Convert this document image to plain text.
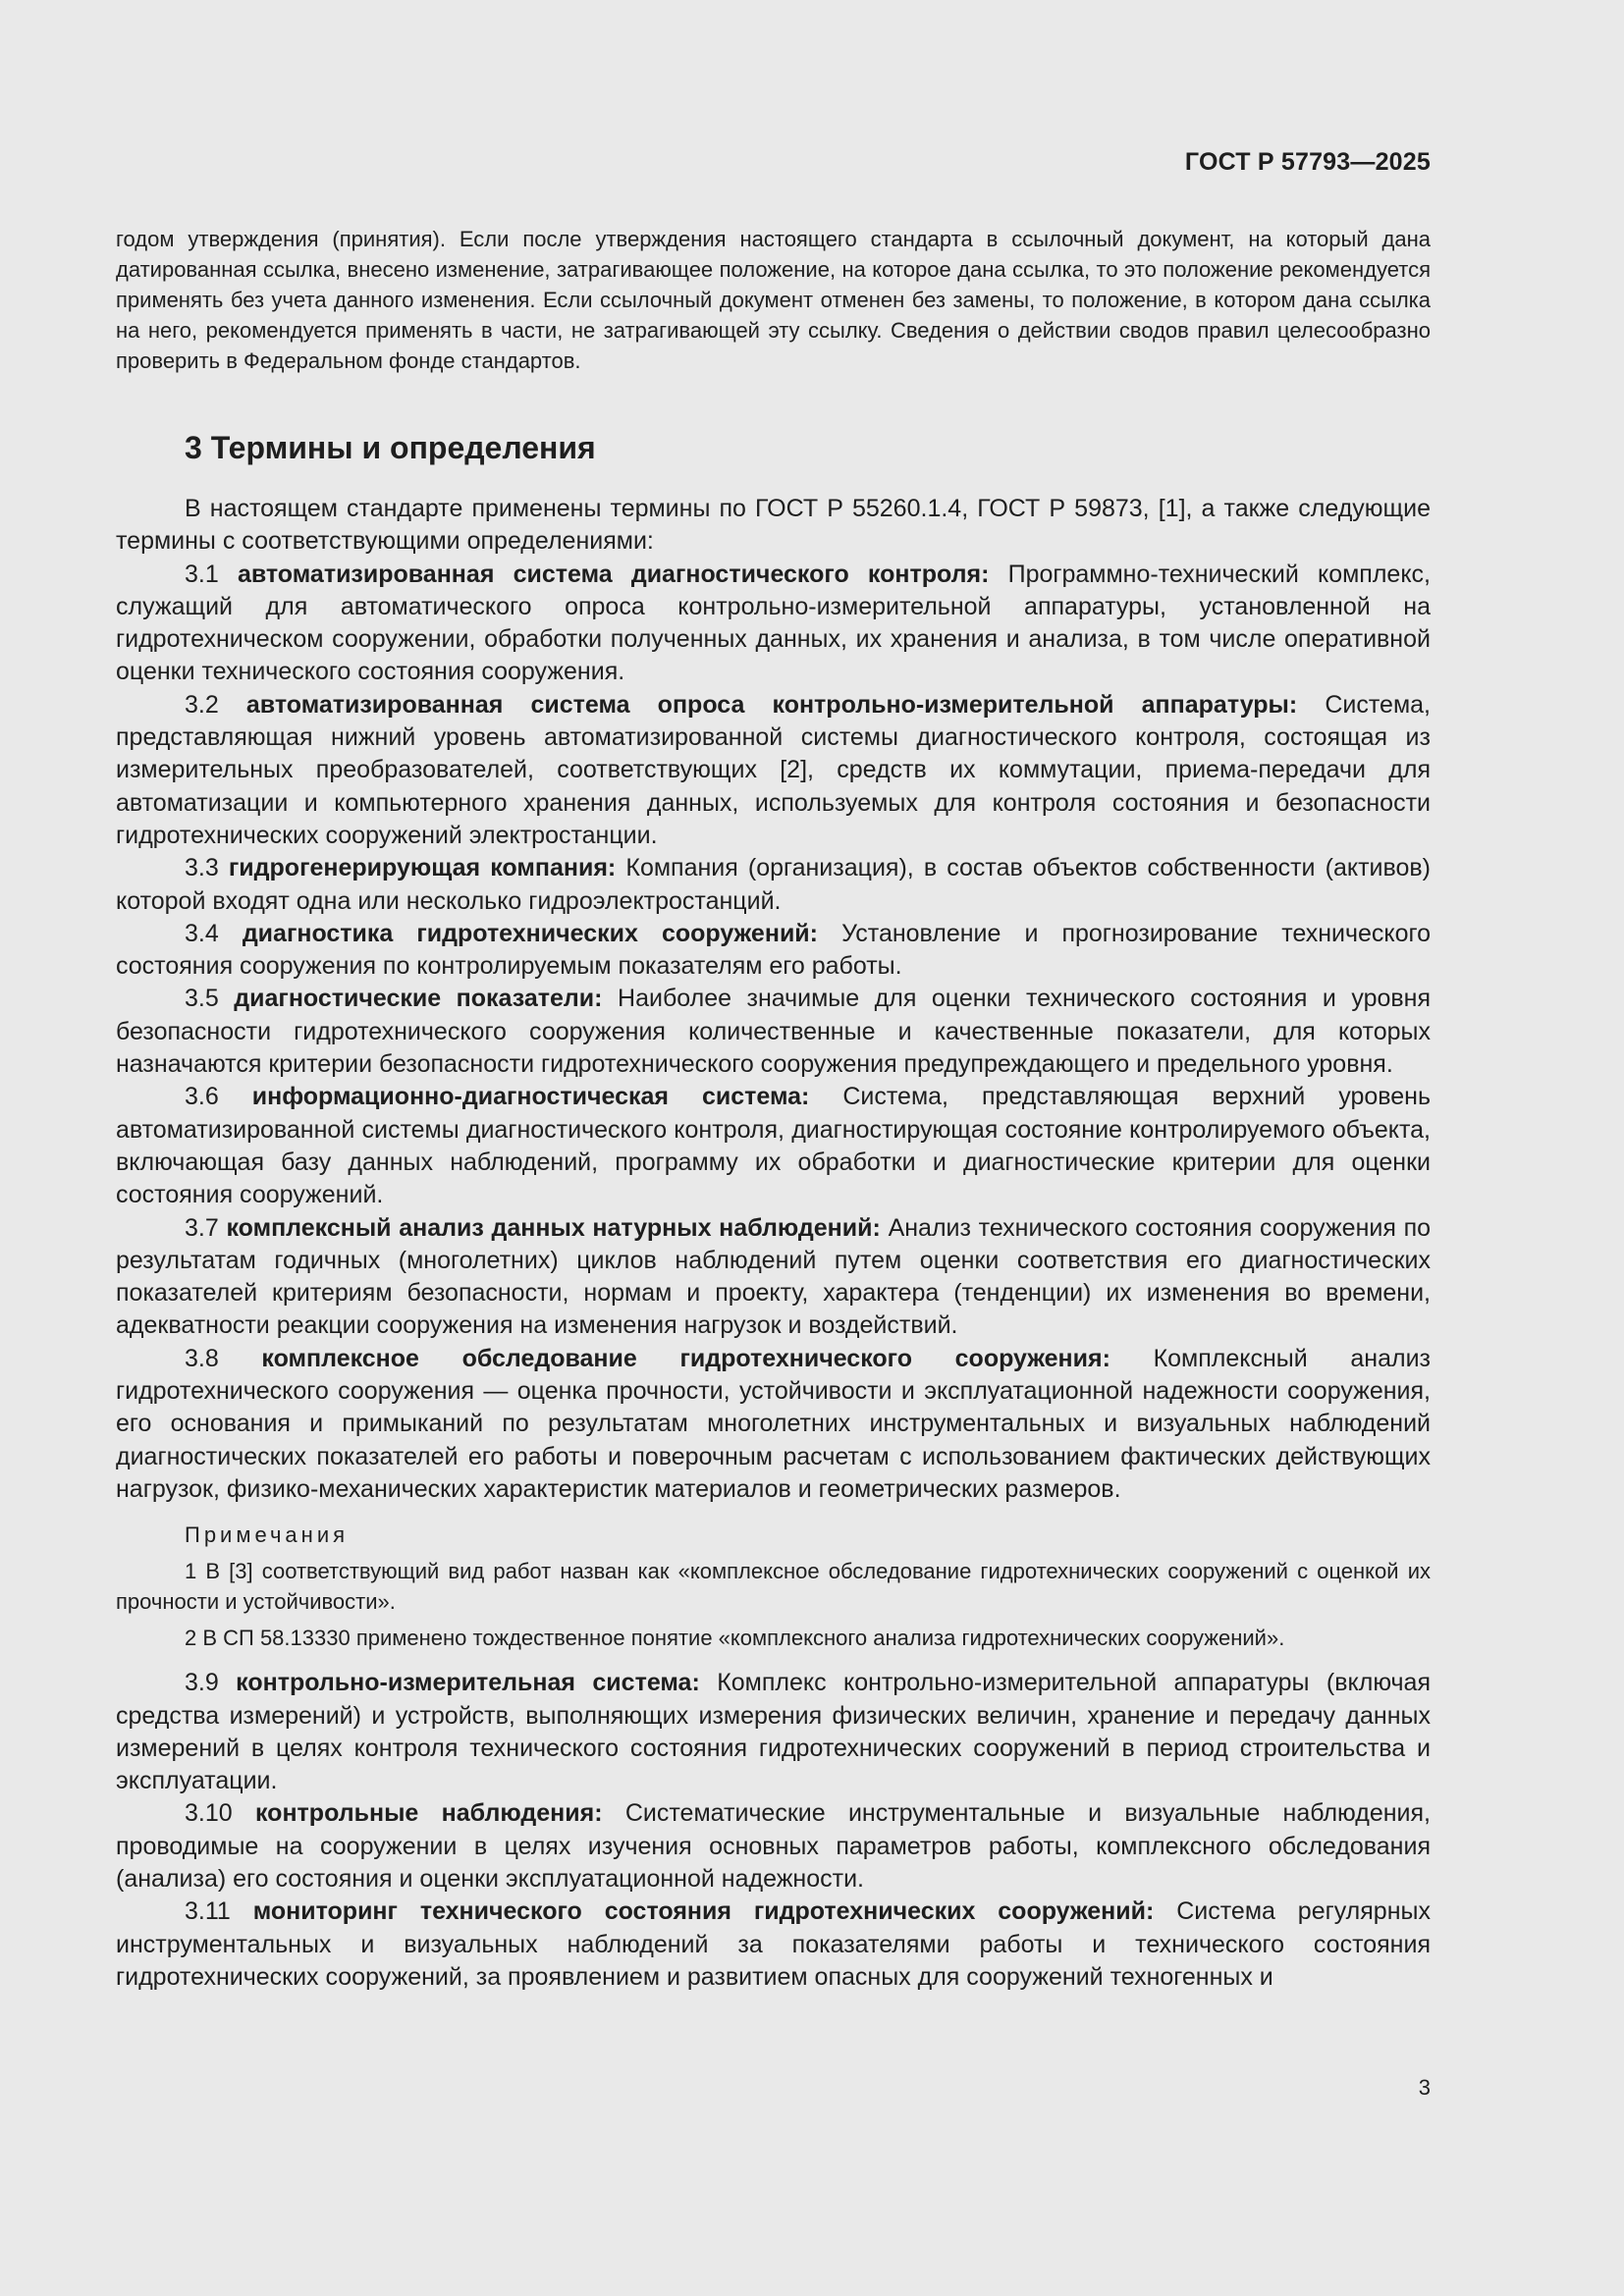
ГОСТ Р 57793—2025
годом утверждения (принятия). Если после утверждения настоящего стандарта в ссылочный документ, на который дана датированная ссылка, внесено изменение, затрагивающее положение, на которое дана ссылка, то это положение рекомендуется применять без учета данного изменения. Если ссылочный документ отменен без замены, то положение, в котором дана ссылка на него, рекомендуется применять в части, не затрагивающей эту ссылку. Сведения о действии сводов правил целесообразно проверить в Федеральном фонде стандартов.
3 Термины и определения

В настоящем стандарте применены термины по ГОСТ Р 55260.1.4, ГОСТ Р 59873, [1], а также следующие термины с соответствующими определениями:

3.1 автоматизированная система диагностического контроля: Программно-технический комплекс, служащий для автоматического опроса контрольно-измерительной аппаратуры, установленной на гидротехническом сооружении, обработки полученных данных, их хранения и анализа, в том числе оперативной оценки технического состояния сооружения.

3.2 автоматизированная система опроса контрольно-измерительной аппаратуры: Система, представляющая нижний уровень автоматизированной системы диагностического контроля, состоящая из измерительных преобразователей, соответствующих [2], средств их коммутации, приема-передачи для автоматизации и компьютерного хранения данных, используемых для контроля состояния и безопасности гидротехнических сооружений электростанции.

3.3 гидрогенерирующая компания: Компания (организация), в состав объектов собственности (активов) которой входят одна или несколько гидроэлектростанций.

3.4 диагностика гидротехнических сооружений: Установление и прогнозирование технического состояния сооружения по контролируемым показателям его работы.

3.5 диагностические показатели: Наиболее значимые для оценки технического состояния и уровня безопасности гидротехнического сооружения количественные и качественные показатели, для которых назначаются критерии безопасности гидротехнического сооружения предупреждающего и предельного уровня.

3.6 информационно-диагностическая система: Система, представляющая верхний уровень автоматизированной системы диагностического контроля, диагностирующая состояние контролируемого объекта, включающая базу данных наблюдений, программу их обработки и диагностические критерии для оценки состояния сооружений.

3.7 комплексный анализ данных натурных наблюдений: Анализ технического состояния сооружения по результатам годичных (многолетних) циклов наблюдений путем оценки соответствия его диагностических показателей критериям безопасности, нормам и проекту, характера (тенденции) их изменения во времени, адекватности реакции сооружения на изменения нагрузок и воздействий.

3.8 комплексное обследование гидротехнического сооружения: Комплексный анализ гидротехнического сооружения — оценка прочности, устойчивости и эксплуатационной надежности сооружения, его основания и примыканий по результатам многолетних инструментальных и визуальных наблюдений диагностических показателей его работы и поверочным расчетам с использованием фактических действующих нагрузок, физико-механических характеристик материалов и геометрических размеров.

Примечания

1 В [3] соответствующий вид работ назван как «комплексное обследование гидротехнических сооружений с оценкой их прочности и устойчивости».

2 В СП 58.13330 применено тождественное понятие «комплексного анализа гидротехнических сооружений».

3.9 контрольно-измерительная система: Комплекс контрольно-измерительной аппаратуры (включая средства измерений) и устройств, выполняющих измерения физических величин, хранение и передачу данных измерений в целях контроля технического состояния гидротехнических сооружений в период строительства и эксплуатации.

3.10 контрольные наблюдения: Систематические инструментальные и визуальные наблюдения, проводимые на сооружении в целях изучения основных параметров работы, комплексного обследования (анализа) его состояния и оценки эксплуатационной надежности.

3.11 мониторинг технического состояния гидротехнических сооружений: Система регулярных инструментальных и визуальных наблюдений за показателями работы и технического состояния гидротехнических сооружений, за проявлением и развитием опасных для сооружений техногенных и

3
